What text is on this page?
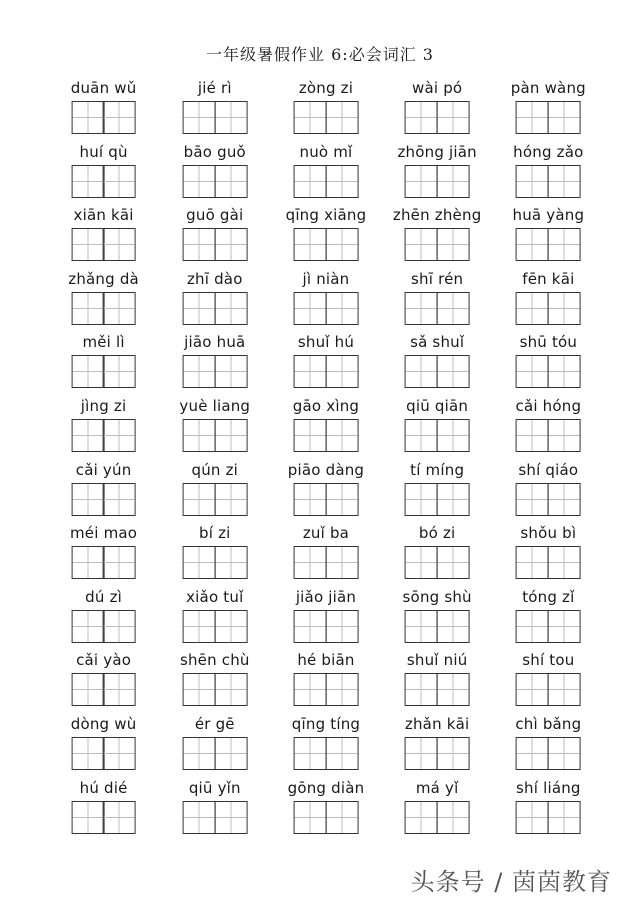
一年级暑假作业 6:必会词汇 3
duān wǔ	jié rì	zòng zi	wài pó	pàn wàng
huí qù	bāo guǒ	nuò mǐ	zhōng jiān	hóng zǎo
xiān kāi	guō gài	qīng xiāng	zhēn zhèng	huā yàng
zhǎng dà	zhī dào	jì niàn	shī rén	fēn kāi
měi lì	jiāo huā	shuǐ hú	sǎ shuǐ	shū tóu
jìng zi	yuè liang	gāo xìng	qiū qiān	cǎi hóng
cǎi yún	qún zi	piāo dàng	tí míng	shí qiáo
méi mao	bí zi	zuǐ ba	bó zi	shǒu bì
dú zì	xiǎo tuǐ	jiǎo jiān	sōng shù	tóng zǐ
cǎi yào	shēn chù	hé biān	shuǐ niú	shí tou
dòng wù	ér gē	qīng tíng	zhǎn kāi	chì bǎng
hú dié	qiū yǐn	gōng diàn	má yǐ	shí liáng
头条号 / 茵茵教育
